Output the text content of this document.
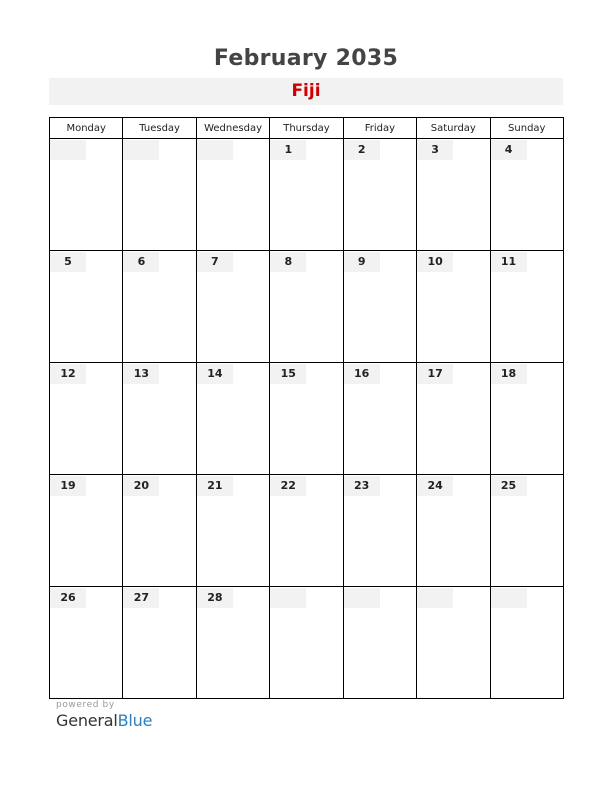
February 2035
Fiji
Monday	Tuesday	Wednesday	Thursday	Friday	Saturday	Sunday

			1	2	3	4

5	6	7	8	9	10	11

12	13	14	15	16	17	18

19	20	21	22	23	24	25

26	27	28				

powered by
GeneralBlue
